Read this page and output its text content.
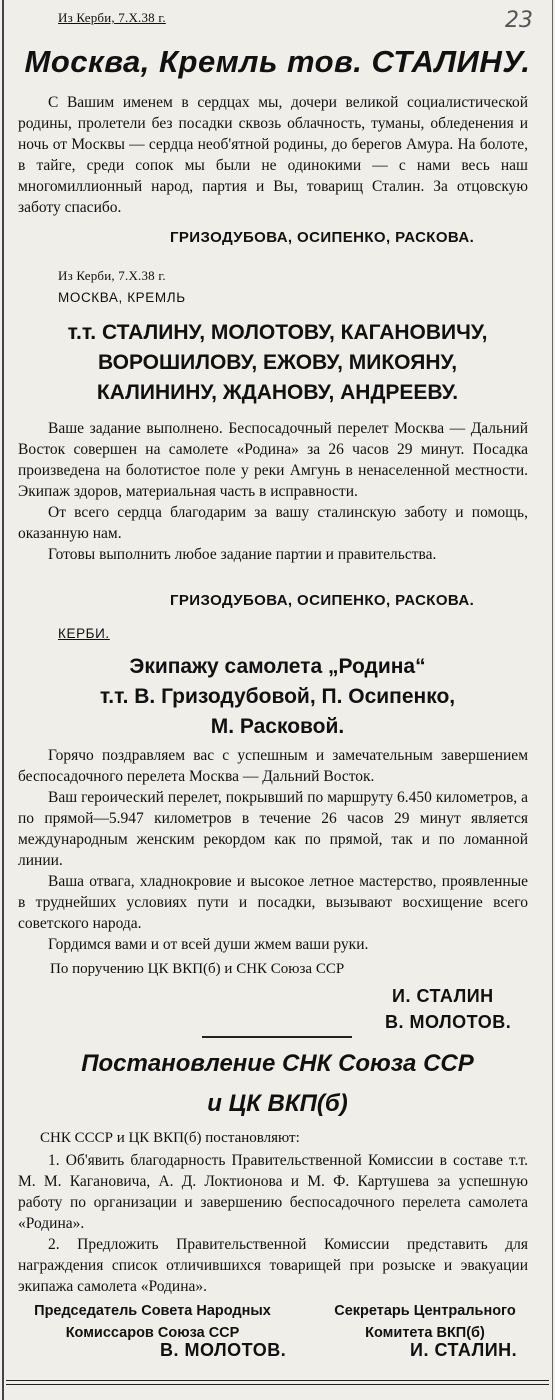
23
Из Керби, 7.X.38 г.
Москва, Кремль тов. СТАЛИНУ.

С Вашим именем в сердцах мы, дочери великой социалистической родины, пролетели без посадки сквозь облачность, туманы, обледенения и ночь от Москвы — сердца необ'ятной родины, до берегов Амура. На болоте, в тайге, среди сопок мы были не одинокими — с нами весь наш многомиллионный народ, партия и Вы, товарищ Сталин. За отцовскую заботу спасибо.

ГРИЗОДУБОВА, ОСИПЕНКО, РАСКОВА.
Из Керби, 7.X.38 г.
МОСКВА, КРЕМЛЬ
т.т. СТАЛИНУ, МОЛОТОВУ, КАГАНОВИЧУ,
ВОРОШИЛОВУ, ЕЖОВУ, МИКОЯНУ,
КАЛИНИНУ, ЖДАНОВУ, АНДРЕЕВУ.

Ваше задание выполнено. Беспосадочный перелет Москва — Дальний Восток совершен на самолете «Родина» за 26 часов 29 минут. Посадка произведена на болотистое поле у реки Амгунь в ненаселенной местности. Экипаж здоров, материальная часть в исправности.

От всего сердца благодарим за вашу сталинскую заботу и помощь, оказанную нам.

Готовы выполнить любое задание партии и правительства.

ГРИЗОДУБОВА, ОСИПЕНКО, РАСКОВА.
КЕРБИ.
Экипажу самолета „Родина“
т.т. В. Гризодубовой, П. Осипенко,
М. Расковой.

Горячо поздравляем вас с успешным и замечательным завершением беспосадочного перелета Москва — Дальний Восток.

Ваш героический перелет, покрывший по маршруту 6.450 километров, а по прямой—5.947 километров в течение 26 часов 29 минут является международным женским рекордом как по прямой, так и по ломанной линии.

Ваша отвага, хладнокровие и высокое летное мастерство, проявленные в труднейших условиях пути и посадки, вызывают восхищение всего советского народа.

Гордимся вами и от всей души жмем ваши руки.

По поручению ЦК ВКП(б) и СНК Союза ССР
И. СТАЛИН
В. МОЛОТОВ.
Постановление СНК Союза ССР
и ЦК ВКП(б)
СНК СССР и ЦК ВКП(б) постановляют:

1. Об'явить благодарность Правительственной Комиссии в составе т.т. М. М. Кагановича, А. Д. Локтионова и М. Ф. Картушева за успешную работу по организации и завершению беспосадочного перелета самолета «Родина».

2. Предложить Правительственной Комиссии представить для награждения список отличившихся товарищей при розыске и эвакуации экипажа самолета «Родина».

Председатель Совета Народных
Комиссаров Союза ССР
В. МОЛОТОВ.
Секретарь Центрального
Комитета ВКП(б)
И. СТАЛИН.
